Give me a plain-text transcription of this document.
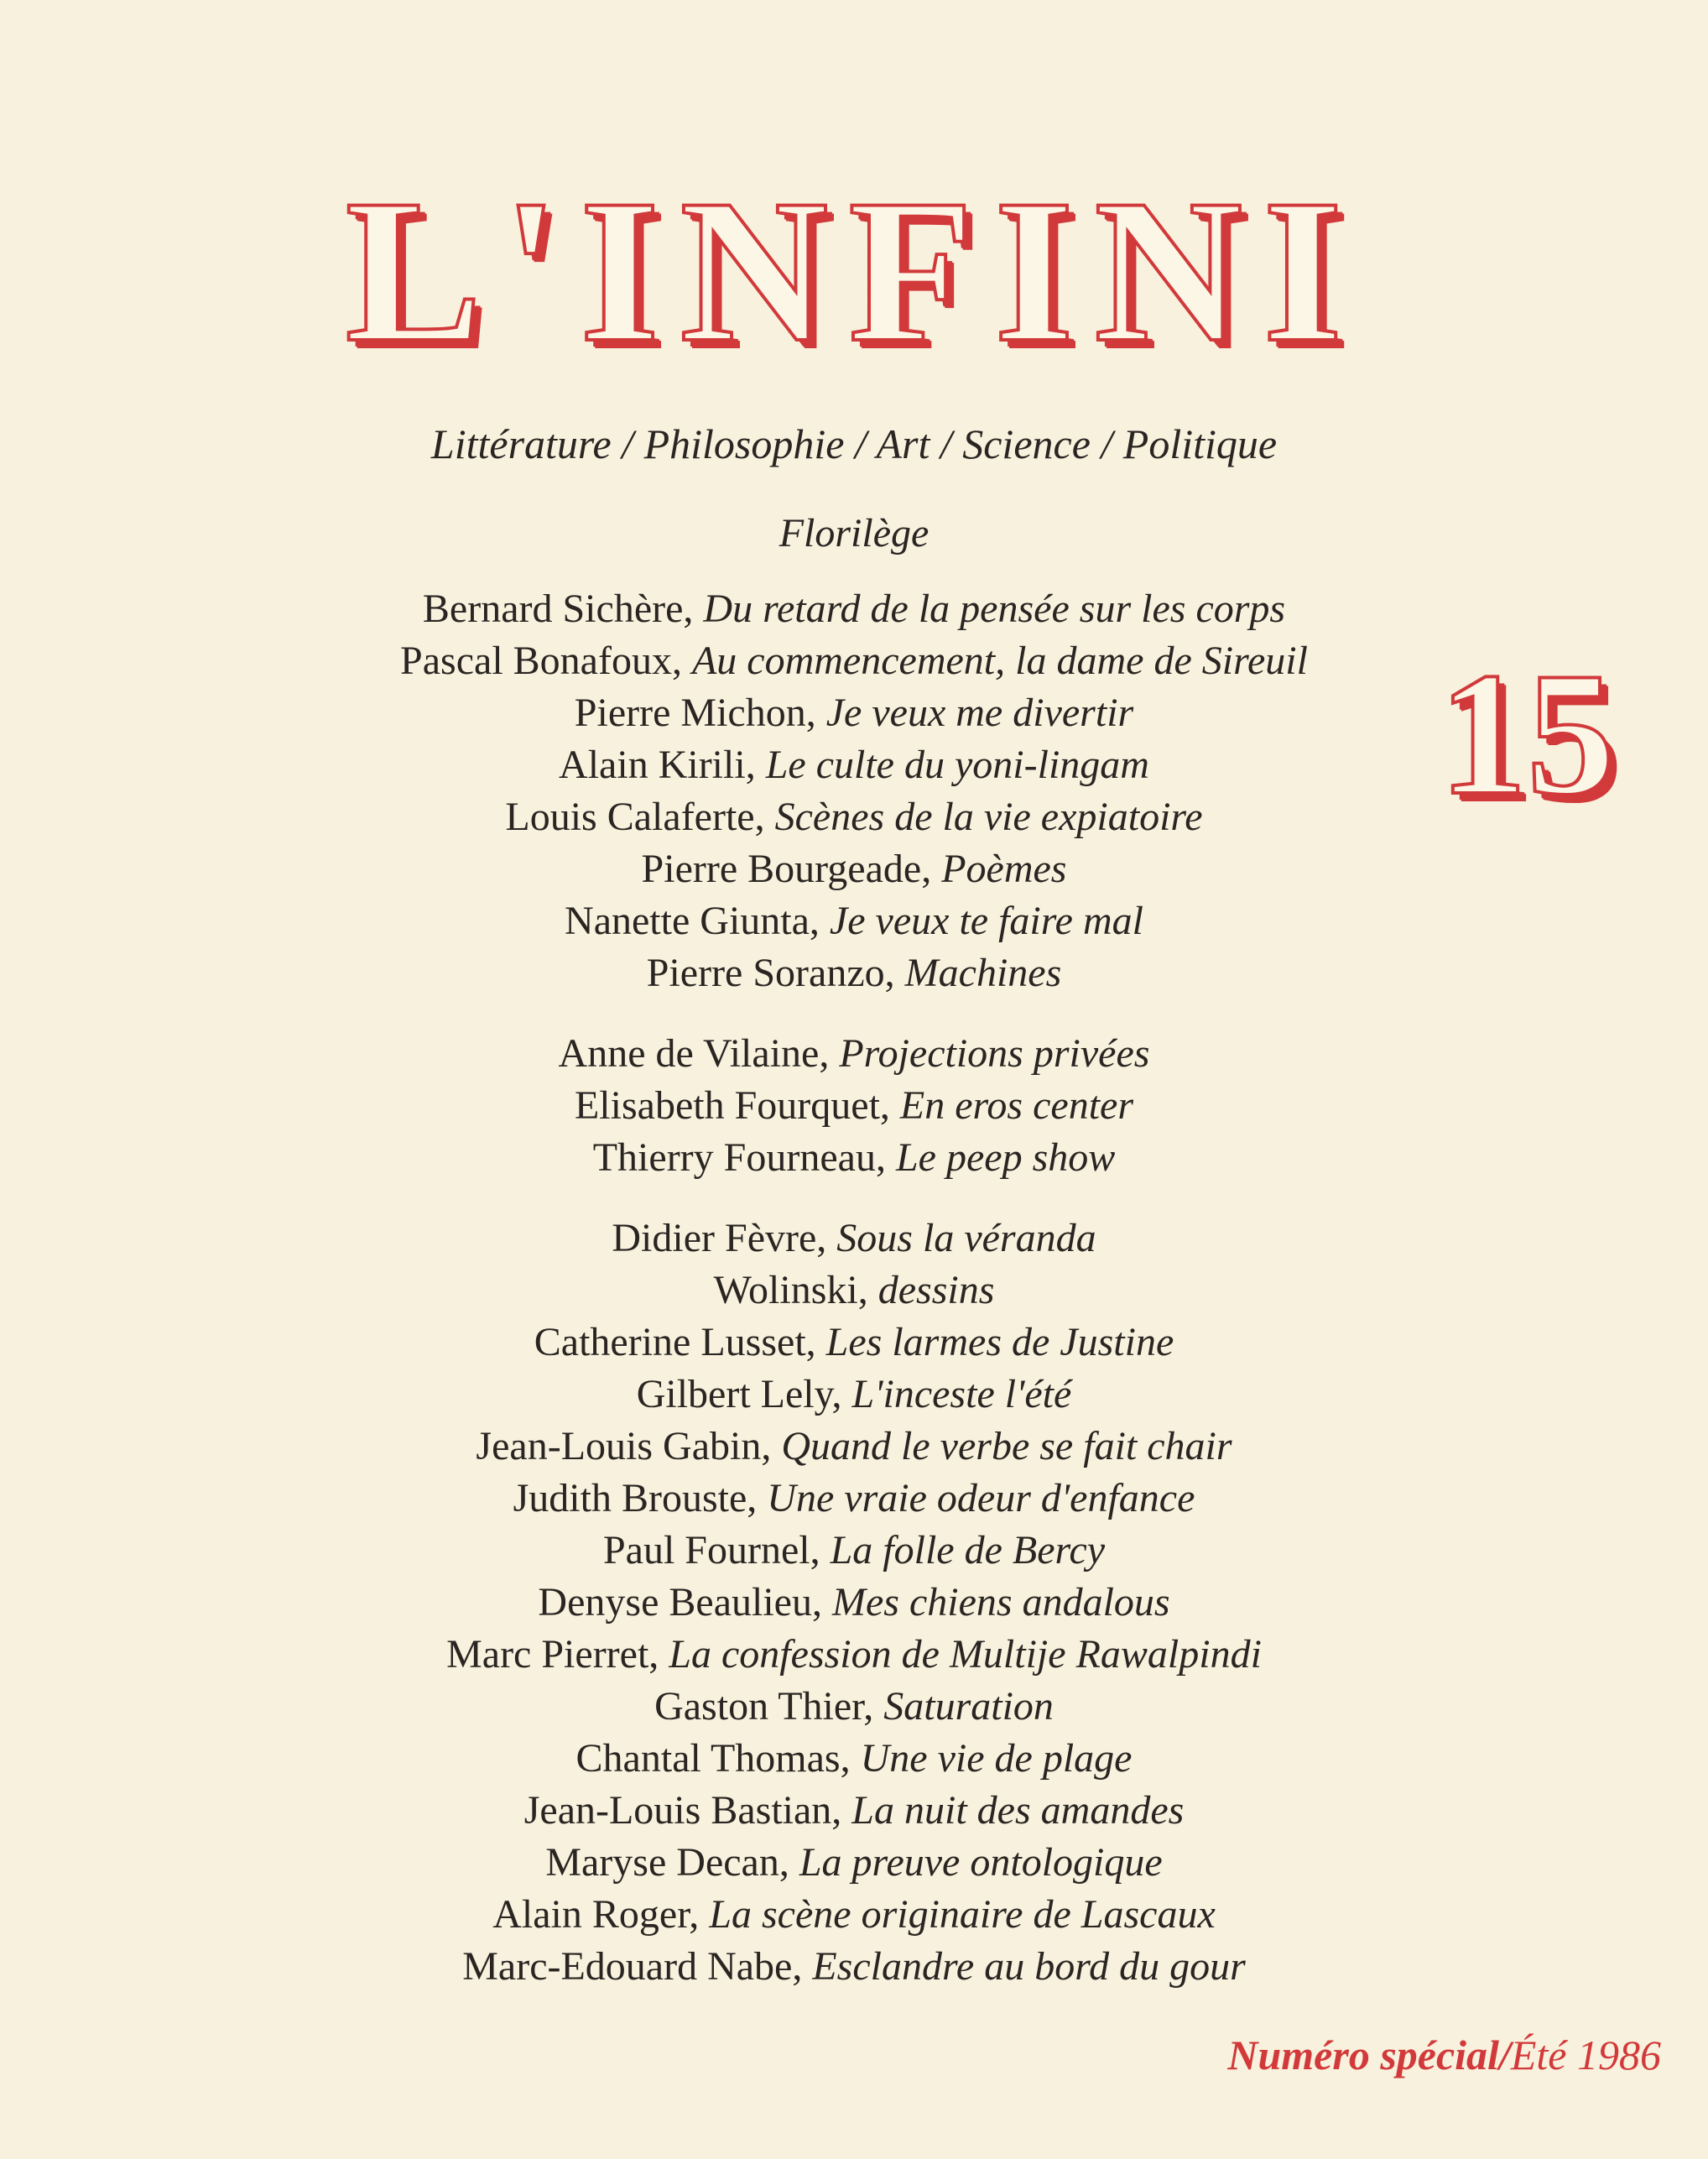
L'INFINI
Littérature / Philosophie / Art / Science / Politique
Florilège
15
Bernard Sichère, Du retard de la pensée sur les corps
Pascal Bonafoux, Au commencement, la dame de Sireuil
Pierre Michon, Je veux me divertir
Alain Kirili, Le culte du yoni-lingam
Louis Calaferte, Scènes de la vie expiatoire
Pierre Bourgeade, Poèmes
Nanette Giunta, Je veux te faire mal
Pierre Soranzo, Machines
Anne de Vilaine, Projections privées
Elisabeth Fourquet, En eros center
Thierry Fourneau, Le peep show
Didier Fèvre, Sous la véranda
Wolinski, dessins
Catherine Lusset, Les larmes de Justine
Gilbert Lely, L'inceste l'été
Jean-Louis Gabin, Quand le verbe se fait chair
Judith Brouste, Une vraie odeur d'enfance
Paul Fournel, La folle de Bercy
Denyse Beaulieu, Mes chiens andalous
Marc Pierret, La confession de Multije Rawalpindi
Gaston Thier, Saturation
Chantal Thomas, Une vie de plage
Jean-Louis Bastian, La nuit des amandes
Maryse Decan, La preuve ontologique
Alain Roger, La scène originaire de Lascaux
Marc-Edouard Nabe, Esclandre au bord du gour
Numéro spécial/Été 1986
